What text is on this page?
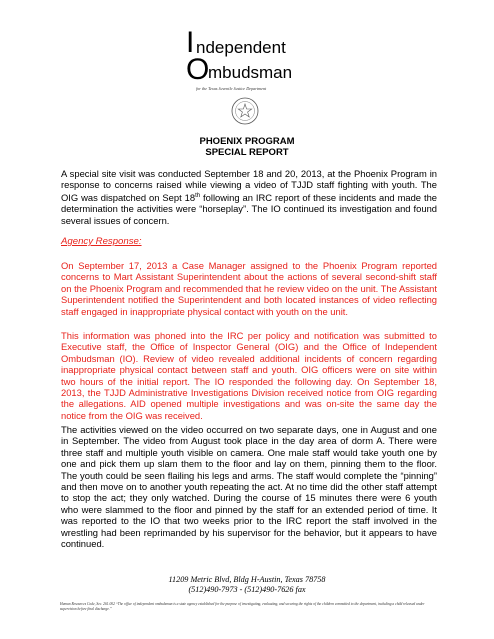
I ndependent
O
mbudsman
for the Texas Juvenile Justice Department
PHOENIX PROGRAM
SPECIAL REPORT
A special site visit was conducted September 18 and 20, 2013, at the Phoenix Program in response to concerns raised while viewing a video of TJJD staff fighting with youth. The OIG was dispatched on Sept 18th following an IRC report of these incidents and made the determination the activities were “horseplay”. The IO continued its investigation and found several issues of concern.
Agency Response:
On September 17, 2013 a Case Manager assigned to the Phoenix Program reported concerns to Mart Assistant Superintendent about the actions of several second-shift staff on the Phoenix Program and recommended that he review video on the unit. The Assistant Superintendent notified the Superintendent and both located instances of video reflecting staff engaged in inappropriate physical contact with youth on the unit.
This information was phoned into the IRC per policy and notification was submitted to Executive staff, the Office of Inspector General (OIG) and the Office of Independent Ombudsman (IO). Review of video revealed additional incidents of concern regarding inappropriate physical contact between staff and youth. OIG officers were on site within two hours of the initial report. The IO responded the following day. On September 18, 2013, the TJJD Administrative Investigations Division received notice from OIG regarding the allegations. AID opened multiple investigations and was on-site the same day the notice from the OIG was received.
The activities viewed on the video occurred on two separate days, one in August and one in September. The video from August took place in the day area of dorm A. There were three staff and multiple youth visible on camera. One male staff would take youth one by one and pick them up slam them to the floor and lay on them, pinning them to the floor. The youth could be seen flailing his legs and arms. The staff would complete the “pinning” and then move on to another youth repeating the act. At no time did the other staff attempt to stop the act; they only watched. During the course of 15 minutes there were 6 youth who were slammed to the floor and pinned by the staff for an extended period of time. It was reported to the IO that two weeks prior to the IRC report the staff involved in the wrestling had been reprimanded by his supervisor for the behavior, but it appears to have continued.
11209 Metric Blvd, Bldg H-Austin, Texas 78758
(512)490-7973 - (512)490-7626 fax
Human Resources Code, Sec. 261.002 “The office of independent ombudsman is a state agency established for the purpose of investigating, evaluating, and securing the rights of the children committed to the department, including a child released under supervision before final discharge.”
